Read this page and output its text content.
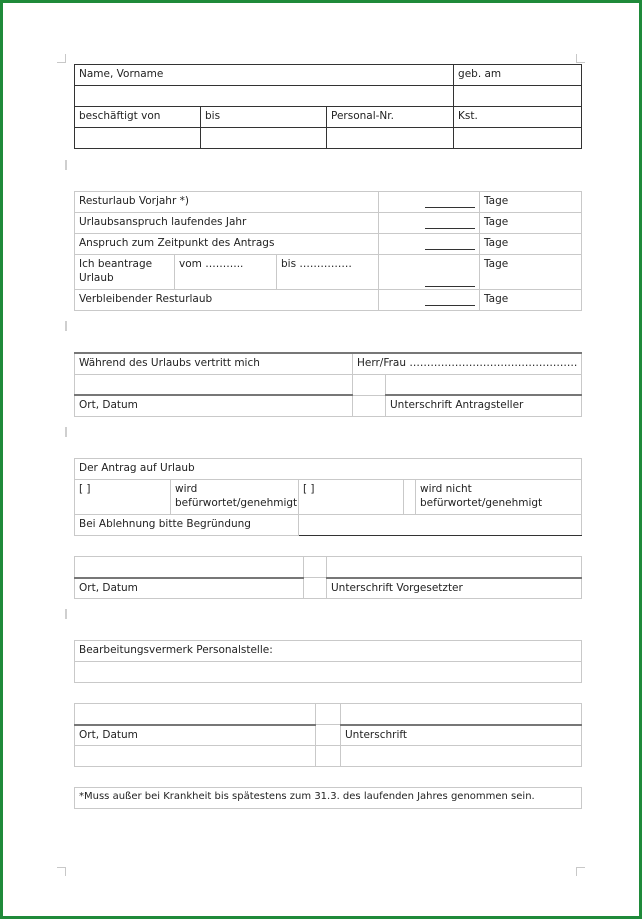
Name, Vorname			geb. am

beschäftigt von	bis	Personal-Nr.	Kst.

Resturlaub Vorjahr *)				Tage
Urlaubsanspruch laufendes Jahr				Tage
Anspruch zum Zeitpunkt des Antrags				Tage
Ich beantrage Urlaub	vom ………..	bis ……………		Tage
Verbleibender Resturlaub				Tage
Während des Urlaubs vertritt mich	Herr/Frau …………………………………………	

Ort, Datum		Unterschrift Antragsteller
Der Antrag auf Urlaub				
[ ]	wird befürwortet/genehmigt	[ ]		wird nicht befürwortet/genehmigt
Bei Ablehnung bitte Begründung				

Ort, Datum		Unterschrift Vorgesetzter
Bearbeitungsvermerk Personalstelle:

Ort, Datum		Unterschrift

*Muss außer bei Krankheit bis spätestens zum 31.3. des laufenden Jahres genommen sein.
